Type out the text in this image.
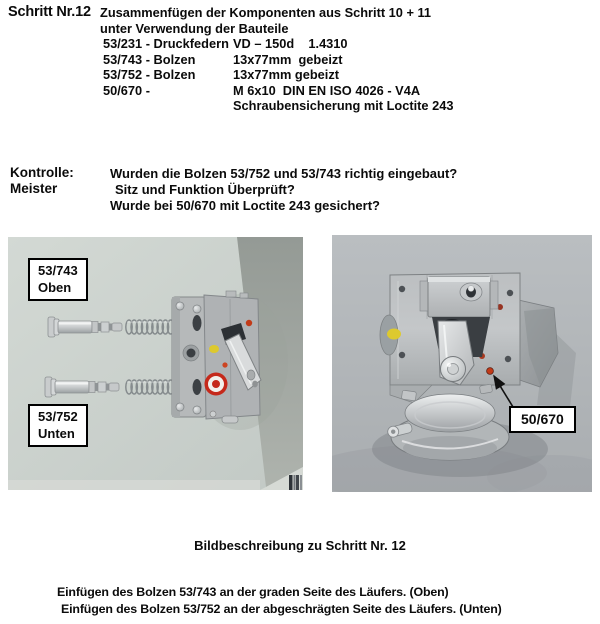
Schritt Nr.12 Zusammenfügen der Komponenten aus Schritt 10 + 11
unter Verwendung der Bauteile
53/231 - Druckfedern VD – 150d    1.4310
53/743 - Bolzen	13x77mm  gebeizt
53/752 - Bolzen	13x77mm gebeizt
50/670 -	M 6x10  DIN EN ISO 4026 - V4A
Schraubensicherung mit Loctite 243
Kontrolle:
Meister
Wurden die Bolzen 53/752 und 53/743 richtig eingebaut?
Sitz und Funktion Überprüft?
Wurde bei 50/670 mit Loctite 243 gesichert?
53/743
Oben
53/752
Unten
50/670
Bildbeschreibung zu Schritt Nr. 12
Einfügen des Bolzen 53/743 an der graden Seite des Läufers. (Oben)
Einfügen des Bolzen 53/752 an der abgeschrägten Seite des Läufers. (Unten)
